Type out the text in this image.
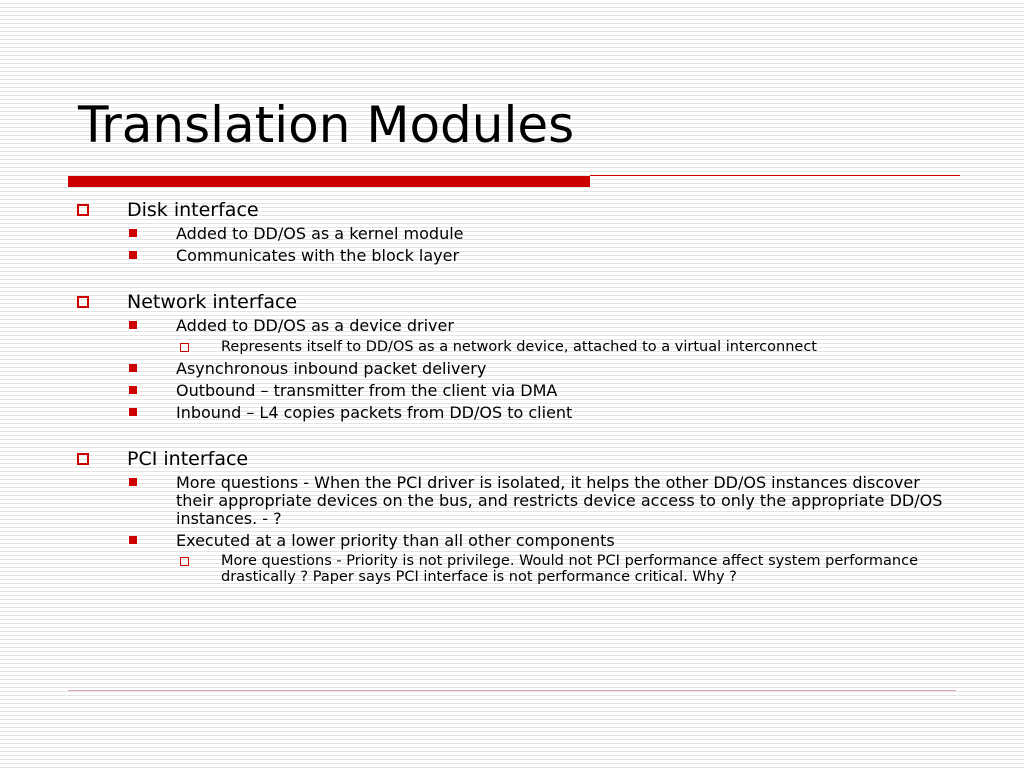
Translation Modules

Disk interface

Added to DD/OS as a kernel module

Communicates with the block layer

Network interface

Added to DD/OS as a device driver

Represents itself to DD/OS as a network device, attached to a virtual interconnect

Asynchronous inbound packet delivery

Outbound – transmitter from the client via DMA

Inbound – L4 copies packets from DD/OS to client

PCI interface

More questions - When the PCI driver is isolated, it helps the other DD/OS instances discover their appropriate devices on the bus, and restricts device access to only the appropriate DD/OS instances. - ?

Executed at a lower priority than all other components

More questions - Priority is not privilege. Would not PCI performance affect system performance drastically ? Paper says PCI interface is not performance critical. Why ?
